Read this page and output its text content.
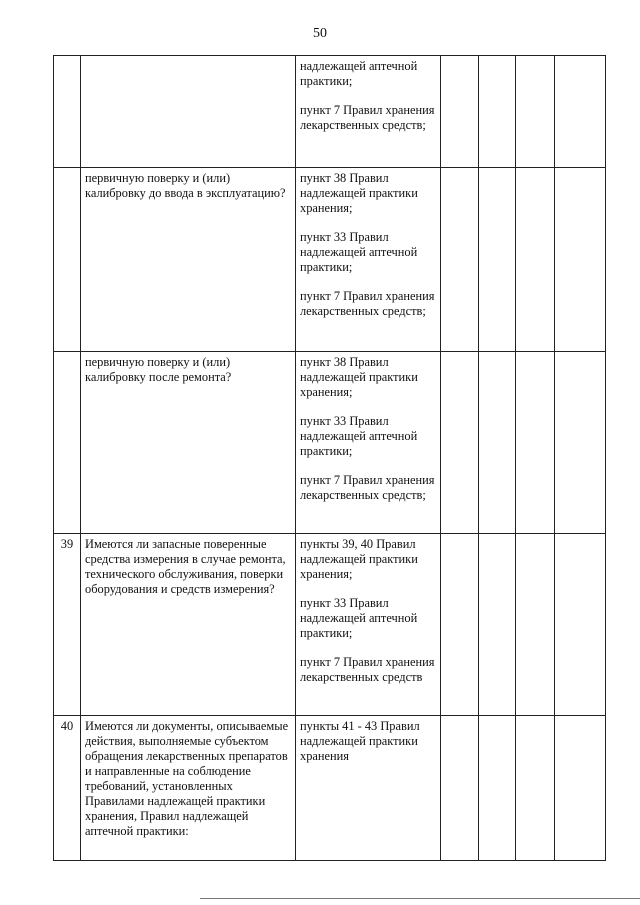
50

		надлежащей аптечной практики;
пункт 7 Правил хранения лекарственных средств;				

	первичную поверку и (или) калибровку до ввода в эксплуатацию?	пункт 38 Правил надлежащей практики хранения;
пункт 33 Правил надлежащей аптечной практики;
пункт 7 Правил хранения лекарственных средств;				

	первичную поверку и (или) калибровку после ремонта?	пункт 38 Правил надлежащей практики хранения;
пункт 33 Правил надлежащей аптечной практики;
пункт 7 Правил хранения лекарственных средств;				

39	Имеются ли запасные поверенные средства измерения в случае ремонта, технического обслуживания, поверки оборудования и средств измерения?	пункты 39, 40 Правил надлежащей практики хранения;
пункт 33 Правил надлежащей аптечной практики;
пункт 7 Правил хранения лекарственных средств				

40	Имеются ли документы, описываемые действия, выполняемые субъектом обращения лекарственных препаратов и направленные на соблюдение требований, установленных Правилами надлежащей практики хранения, Правил надлежащей аптечной практики:	пункты 41 - 43 Правил надлежащей практики хранения				
